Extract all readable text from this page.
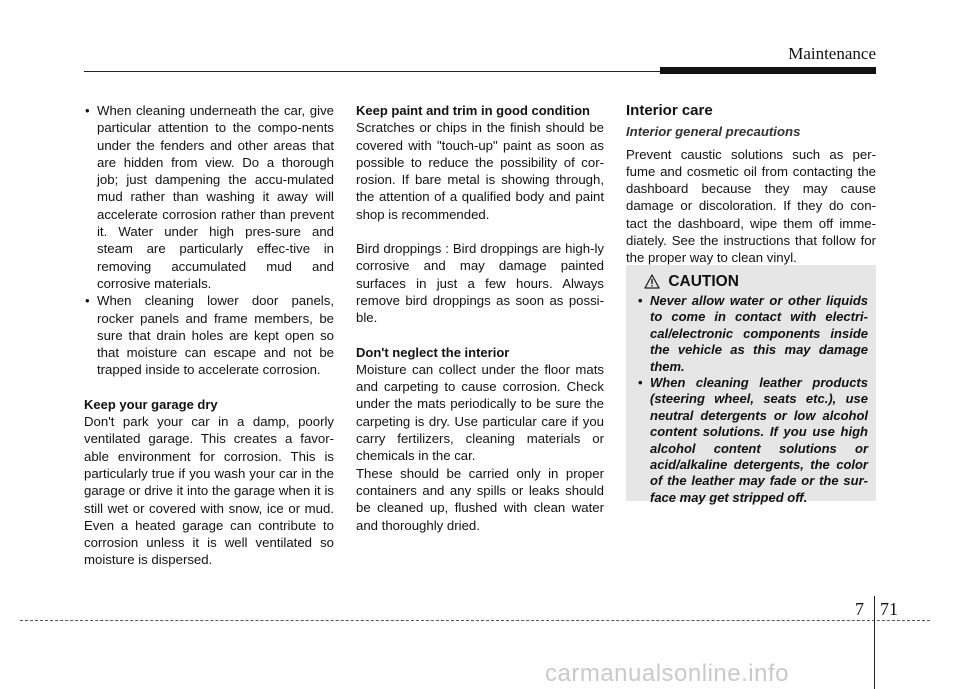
Maintenance
• When cleaning underneath the car, give particular attention to the compo-nents under the fenders and other areas that are hidden from view. Do a thorough job; just dampening the accu-mulated mud rather than washing it away will accelerate corrosion rather than prevent it. Water under high pres-sure and steam are particularly effec-tive in removing accumulated mud and corrosive materials.
• When cleaning lower door panels, rocker panels and frame members, be sure that drain holes are kept open so that moisture can escape and not be trapped inside to accelerate corrosion.
Keep your garage dry

Don't park your car in a damp, poorly ventilated garage. This creates a favor-able environment for corrosion. This is particularly true if you wash your car in the garage or drive it into the garage when it is still wet or covered with snow, ice or mud. Even a heated garage can contribute to corrosion unless it is well ventilated so moisture is dispersed.

Keep paint and trim in good condition

Scratches or chips in the finish should be covered with "touch-up" paint as soon as possible to reduce the possibility of cor-rosion. If bare metal is showing through, the attention of a qualified body and paint shop is recommended.

Bird droppings : Bird droppings are high-ly corrosive and may damage painted surfaces in just a few hours. Always remove bird droppings as soon as possi-ble.

Don't neglect the interior

Moisture can collect under the floor mats and carpeting to cause corrosion. Check under the mats periodically to be sure the carpeting is dry. Use particular care if you carry fertilizers, cleaning materials or chemicals in the car.

These should be carried only in proper containers and any spills or leaks should be cleaned up, flushed with clean water and thoroughly dried.

Interior care
Interior general precautions

Prevent caustic solutions such as per-fume and cosmetic oil from contacting the dashboard because they may cause damage or discoloration. If they do con-tact the dashboard, wipe them off imme-diately. See the instructions that follow for the proper way to clean vinyl.

CAUTION
• Never allow water or other liquids to come in contact with electri-cal/electronic components inside the vehicle as this may damage them.
• When cleaning leather products (steering wheel, seats etc.), use neutral detergents or low alcohol content solutions. If you use high alcohol content solutions or acid/alkaline detergents, the color of the leather may fade or the sur-face may get stripped off.
7 71
carmanualsonline.info
